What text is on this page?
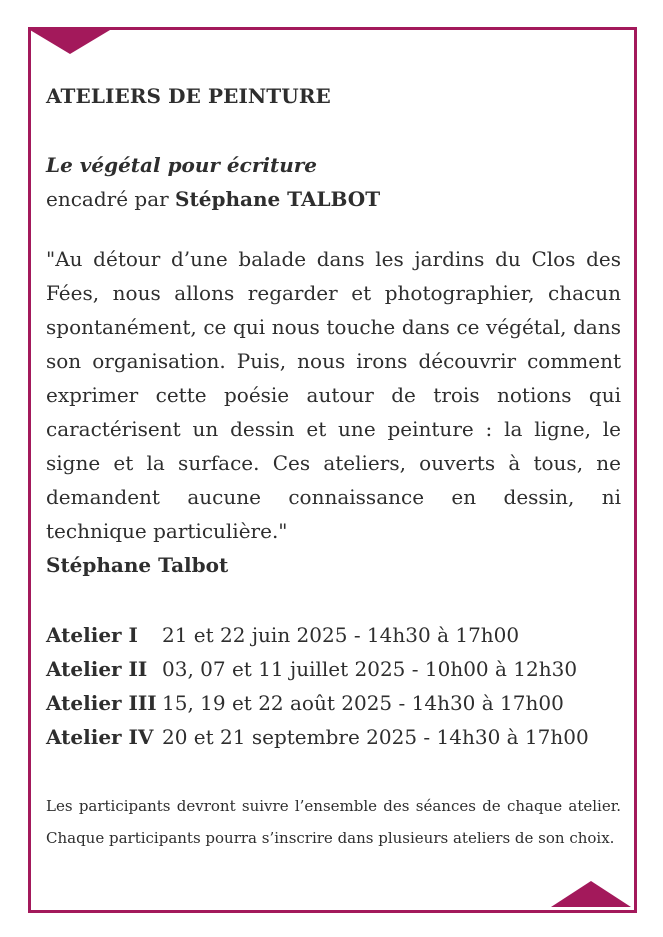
ATELIERS DE PEINTURE
Le végétal pour écriture
encadré par Stéphane TALBOT
"Au détour d’une balade dans les jardins du Clos des Fées, nous allons regarder et photographier, chacun spontanément, ce qui nous touche dans ce végétal, dans son organisation. Puis, nous irons découvrir comment exprimer cette poésie autour de trois notions qui caractérisent un dessin et une peinture : la ligne, le signe et la surface. Ces ateliers, ouverts à tous, ne demandent aucune connaissance en dessin, ni technique particulière."
Stéphane Talbot
Atelier I	21 et 22 juin 2025 - 14h30 à 17h00
Atelier II 03, 07 et 11 juillet 2025 - 10h00 à 12h30
Atelier III 15, 19 et 22 août 2025 - 14h30 à 17h00
Atelier IV 20 et 21 septembre 2025 - 14h30 à 17h00
Les participants devront suivre l’ensemble des séances de chaque atelier. Chaque participants pourra s’inscrire dans plusieurs ateliers de son choix.
